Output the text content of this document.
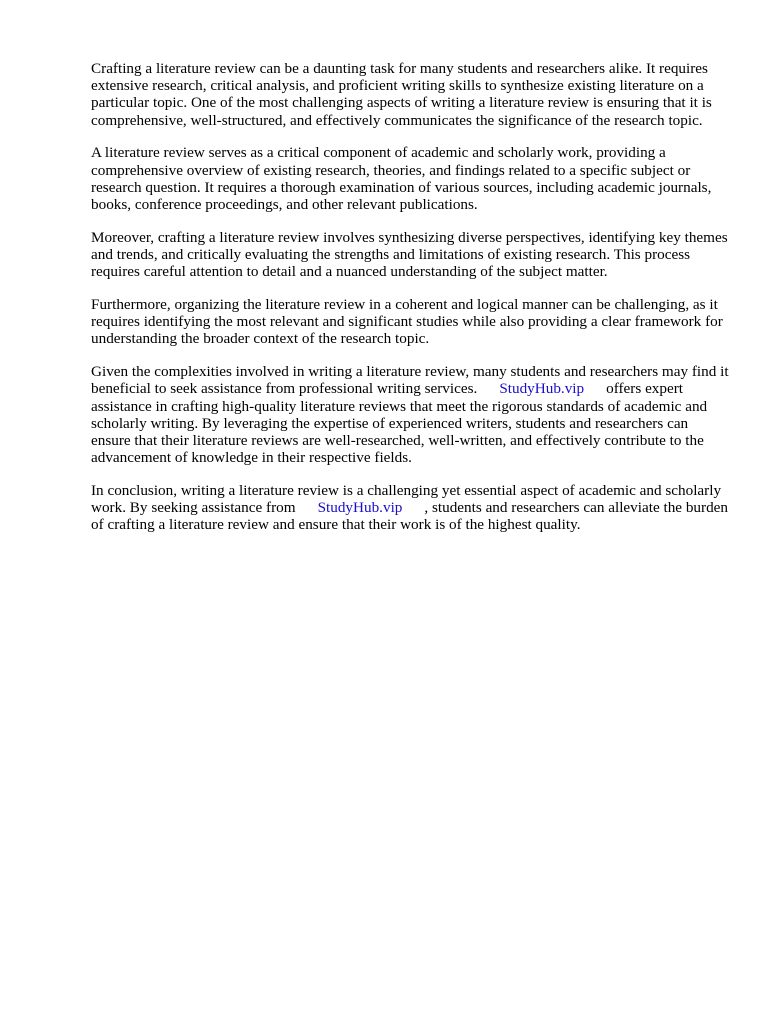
Crafting a literature review can be a daunting task for many students and researchers alike. It requires extensive research, critical analysis, and proficient writing skills to synthesize existing literature on a particular topic. One of the most challenging aspects of writing a literature review is ensuring that it is comprehensive, well-structured, and effectively communicates the significance of the research topic.

A literature review serves as a critical component of academic and scholarly work, providing a comprehensive overview of existing research, theories, and findings related to a specific subject or research question. It requires a thorough examination of various sources, including academic journals, books, conference proceedings, and other relevant publications.

Moreover, crafting a literature review involves synthesizing diverse perspectives, identifying key themes and trends, and critically evaluating the strengths and limitations of existing research. This process requires careful attention to detail and a nuanced understanding of the subject matter.

Furthermore, organizing the literature review in a coherent and logical manner can be challenging, as it requires identifying the most relevant and significant studies while also providing a clear framework for understanding the broader context of the research topic.

Given the complexities involved in writing a literature review, many students and researchers may find it beneficial to seek assistance from professional writing services. StudyHub.vip offers expert assistance in crafting high-quality literature reviews that meet the rigorous standards of academic and scholarly writing. By leveraging the expertise of experienced writers, students and researchers can ensure that their literature reviews are well-researched, well-written, and effectively contribute to the advancement of knowledge in their respective fields.

In conclusion, writing a literature review is a challenging yet essential aspect of academic and scholarly work. By seeking assistance from StudyHub.vip , students and researchers can alleviate the burden of crafting a literature review and ensure that their work is of the highest quality.
